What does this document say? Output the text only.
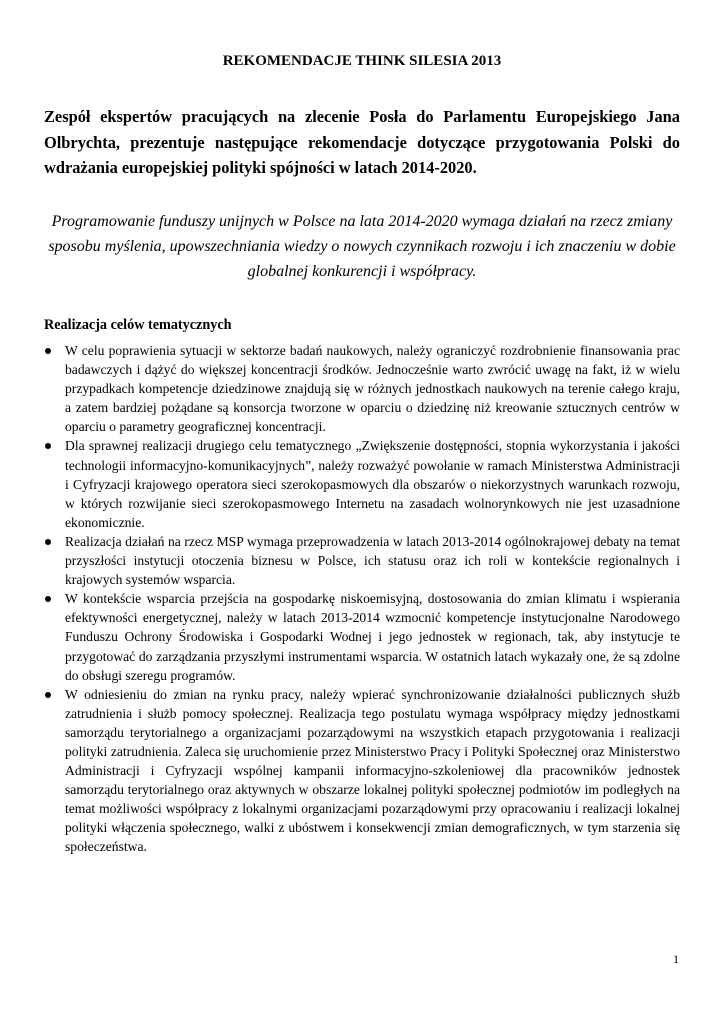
REKOMENDACJE THINK SILESIA 2013
Zespół ekspertów pracujących na zlecenie Posła do Parlamentu Europejskiego Jana Olbrychta, prezentuje następujące rekomendacje dotyczące przygotowania Polski do wdrażania europejskiej polityki spójności w latach 2014-2020.
Programowanie funduszy unijnych w Polsce na lata 2014-2020 wymaga działań na rzecz zmiany sposobu myślenia, upowszechniania wiedzy o nowych czynnikach rozwoju i ich znaczeniu w dobie globalnej konkurencji i współpracy.
Realizacja celów tematycznych
W celu poprawienia sytuacji w sektorze badań naukowych, należy ograniczyć rozdrobnienie finansowania prac badawczych i dążyć do większej koncentracji środków. Jednocześnie warto zwrócić uwagę na fakt, iż w wielu przypadkach kompetencje dziedzinowe znajdują się w różnych jednostkach naukowych na terenie całego kraju, a zatem bardziej pożądane są konsorcja tworzone w oparciu o dziedzinę niż kreowanie sztucznych centrów w oparciu o parametry geograficznej koncentracji.
Dla sprawnej realizacji drugiego celu tematycznego „Zwiększenie dostępności, stopnia wykorzystania i jakości technologii informacyjno-komunikacyjnych”, należy rozważyć powołanie w ramach Ministerstwa Administracji i Cyfryzacji krajowego operatora sieci szerokopasmowych dla obszarów o niekorzystnych warunkach rozwoju, w których rozwijanie sieci szerokopasmowego Internetu na zasadach wolnorynkowych nie jest uzasadnione ekonomicznie.
Realizacja działań na rzecz MSP wymaga przeprowadzenia w latach 2013-2014 ogólnokrajowej debaty na temat przyszłości instytucji otoczenia biznesu w Polsce, ich statusu oraz ich roli w kontekście regionalnych i krajowych systemów wsparcia.
W kontekście wsparcia przejścia na gospodarkę niskoemisyjną, dostosowania do zmian klimatu i wspierania efektywności energetycznej, należy w latach 2013-2014 wzmocnić kompetencje instytucjonalne Narodowego Funduszu Ochrony Środowiska i Gospodarki Wodnej i jego jednostek w regionach, tak, aby instytucje te przygotować do zarządzania przyszłymi instrumentami wsparcia. W ostatnich latach wykazały one, że są zdolne do obsługi szeregu programów.
W odniesieniu do zmian na rynku pracy, należy wpierać synchronizowanie działalności publicznych służb zatrudnienia i służb pomocy społecznej. Realizacja tego postulatu wymaga współpracy między jednostkami samorządu terytorialnego a organizacjami pozarządowymi na wszystkich etapach przygotowania i realizacji polityki zatrudnienia. Zaleca się uruchomienie przez Ministerstwo Pracy i Polityki Społecznej oraz Ministerstwo Administracji i Cyfryzacji wspólnej kampanii informacyjno-szkoleniowej dla pracowników jednostek samorządu terytorialnego oraz aktywnych w obszarze lokalnej polityki społecznej podmiotów im podległych na temat możliwości współpracy z lokalnymi organizacjami pozarządowymi przy opracowaniu i realizacji lokalnej polityki włączenia społecznego, walki z ubóstwem i konsekwencji zmian demograficznych, w tym starzenia się społeczeństwa.
1
